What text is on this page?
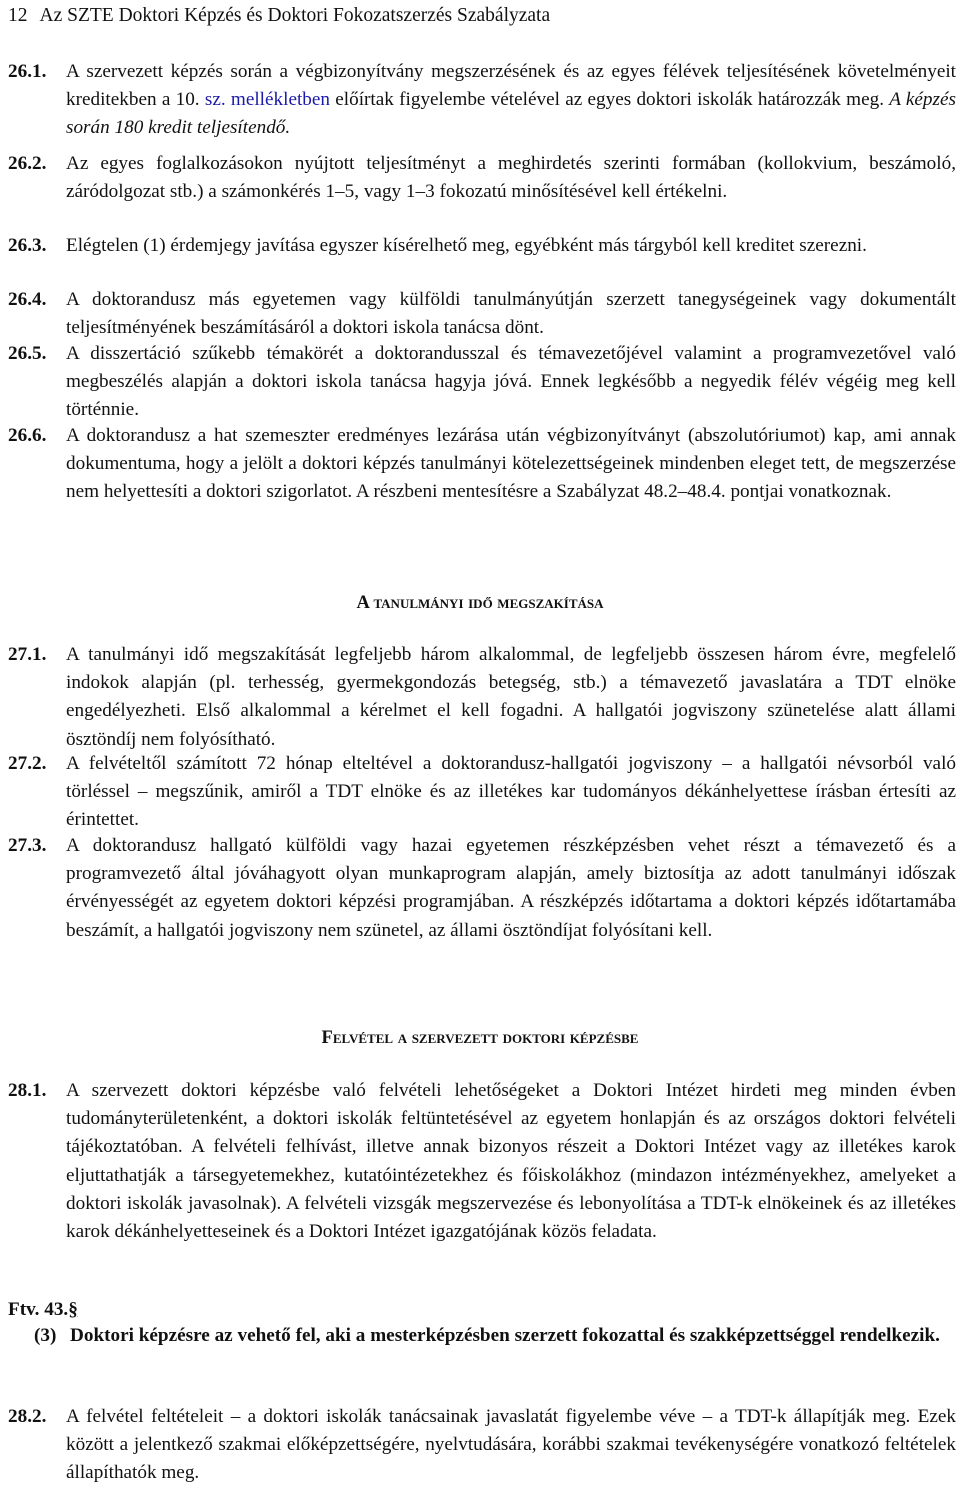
12 Az SZTE Doktori Képzés és Doktori Fokozatszerzés Szabályzata
26.1. A szervezett képzés során a végbizonyítvány megszerzésének és az egyes félévek teljesítésének követelményeit kreditekben a 10. sz. mellékletben előírtak figyelembe vételével az egyes doktori iskolák határozzák meg. A képzés során 180 kredit teljesítendő.
26.2. Az egyes foglalkozásokon nyújtott teljesítményt a meghirdetés szerinti formában (kollokvium, beszámoló, záródolgozat stb.) a számonkérés 1–5, vagy 1–3 fokozatú minősítésével kell értékelni.
26.3. Elégtelen (1) érdemjegy javítása egyszer kísérelhető meg, egyébként más tárgyból kell kreditet szerezni.
26.4. A doktorandusz más egyetemen vagy külföldi tanulmányútján szerzett tanegységeinek vagy dokumentált teljesítményének beszámításáról a doktori iskola tanácsa dönt.
26.5. A disszertáció szűkebb témakörét a doktorandusszal és témavezetőjével valamint a programvezetővel való megbeszélés alapján a doktori iskola tanácsa hagyja jóvá. Ennek legkésőbb a negyedik félév végéig meg kell történnie.
26.6. A doktorandusz a hat szemeszter eredményes lezárása után végbizonyítványt (abszolutóriumot) kap, ami annak dokumentuma, hogy a jelölt a doktori képzés tanulmányi kötelezettségeinek mindenben eleget tett, de megszerzése nem helyettesíti a doktori szigorlatot. A részbeni mentesítésre a Szabályzat 48.2–48.4. pontjai vonatkoznak.
A tanulmányi idő megszakítása
27.1. A tanulmányi idő megszakítását legfeljebb három alkalommal, de legfeljebb összesen három évre, megfelelő indokok alapján (pl. terhesség, gyermekgondozás betegség, stb.) a témavezető javaslatára a TDT elnöke engedélyezheti. Első alkalommal a kérelmet el kell fogadni. A hallgatói jogviszony szünetelése alatt állami ösztöndíj nem folyósítható.
27.2. A felvételtől számított 72 hónap elteltével a doktorandusz-hallgatói jogviszony – a hallgatói névsorból való törléssel – megszűnik, amiről a TDT elnöke és az illetékes kar tudományos dékánhelyettese írásban értesíti az érintettet.
27.3. A doktorandusz hallgató külföldi vagy hazai egyetemen részképzésben vehet részt a témavezető és a programvezető által jóváhagyott olyan munkaprogram alapján, amely biztosítja az adott tanulmányi időszak érvényességét az egyetem doktori képzési programjában. A részképzés időtartama a doktori képzés időtartamába beszámít, a hallgatói jogviszony nem szünetel, az állami ösztöndíjat folyósítani kell.
Felvétel a szervezett doktori képzésbe
28.1. A szervezett doktori képzésbe való felvételi lehetőségeket a Doktori Intézet hirdeti meg minden évben tudományterületenként, a doktori iskolák feltüntetésével az egyetem honlapján és az országos doktori felvételi tájékoztatóban. A felvételi felhívást, illetve annak bizonyos részeit a Doktori Intézet vagy az illetékes karok eljuttathatják a társegyetemekhez, kutatóintézetekhez és főiskolákhoz (mindazon intézményekhez, amelyeket a doktori iskolák javasolnak). A felvételi vizsgák megszervezése és lebonyolítása a TDT-k elnökeinek és az illetékes karok dékánhelyetteseinek és a Doktori Intézet igazgatójának közös feladata.
Ftv. 43.§
(3) Doktori képzésre az vehető fel, aki a mesterképzésben szerzett fokozattal és szakképzettséggel rendelkezik.
28.2. A felvétel feltételeit – a doktori iskolák tanácsainak javaslatát figyelembe véve – a TDT-k állapítják meg. Ezek között a jelentkező szakmai előképzettségére, nyelvtudására, korábbi szakmai tevékenységére vonatkozó feltételek állapíthatók meg.
